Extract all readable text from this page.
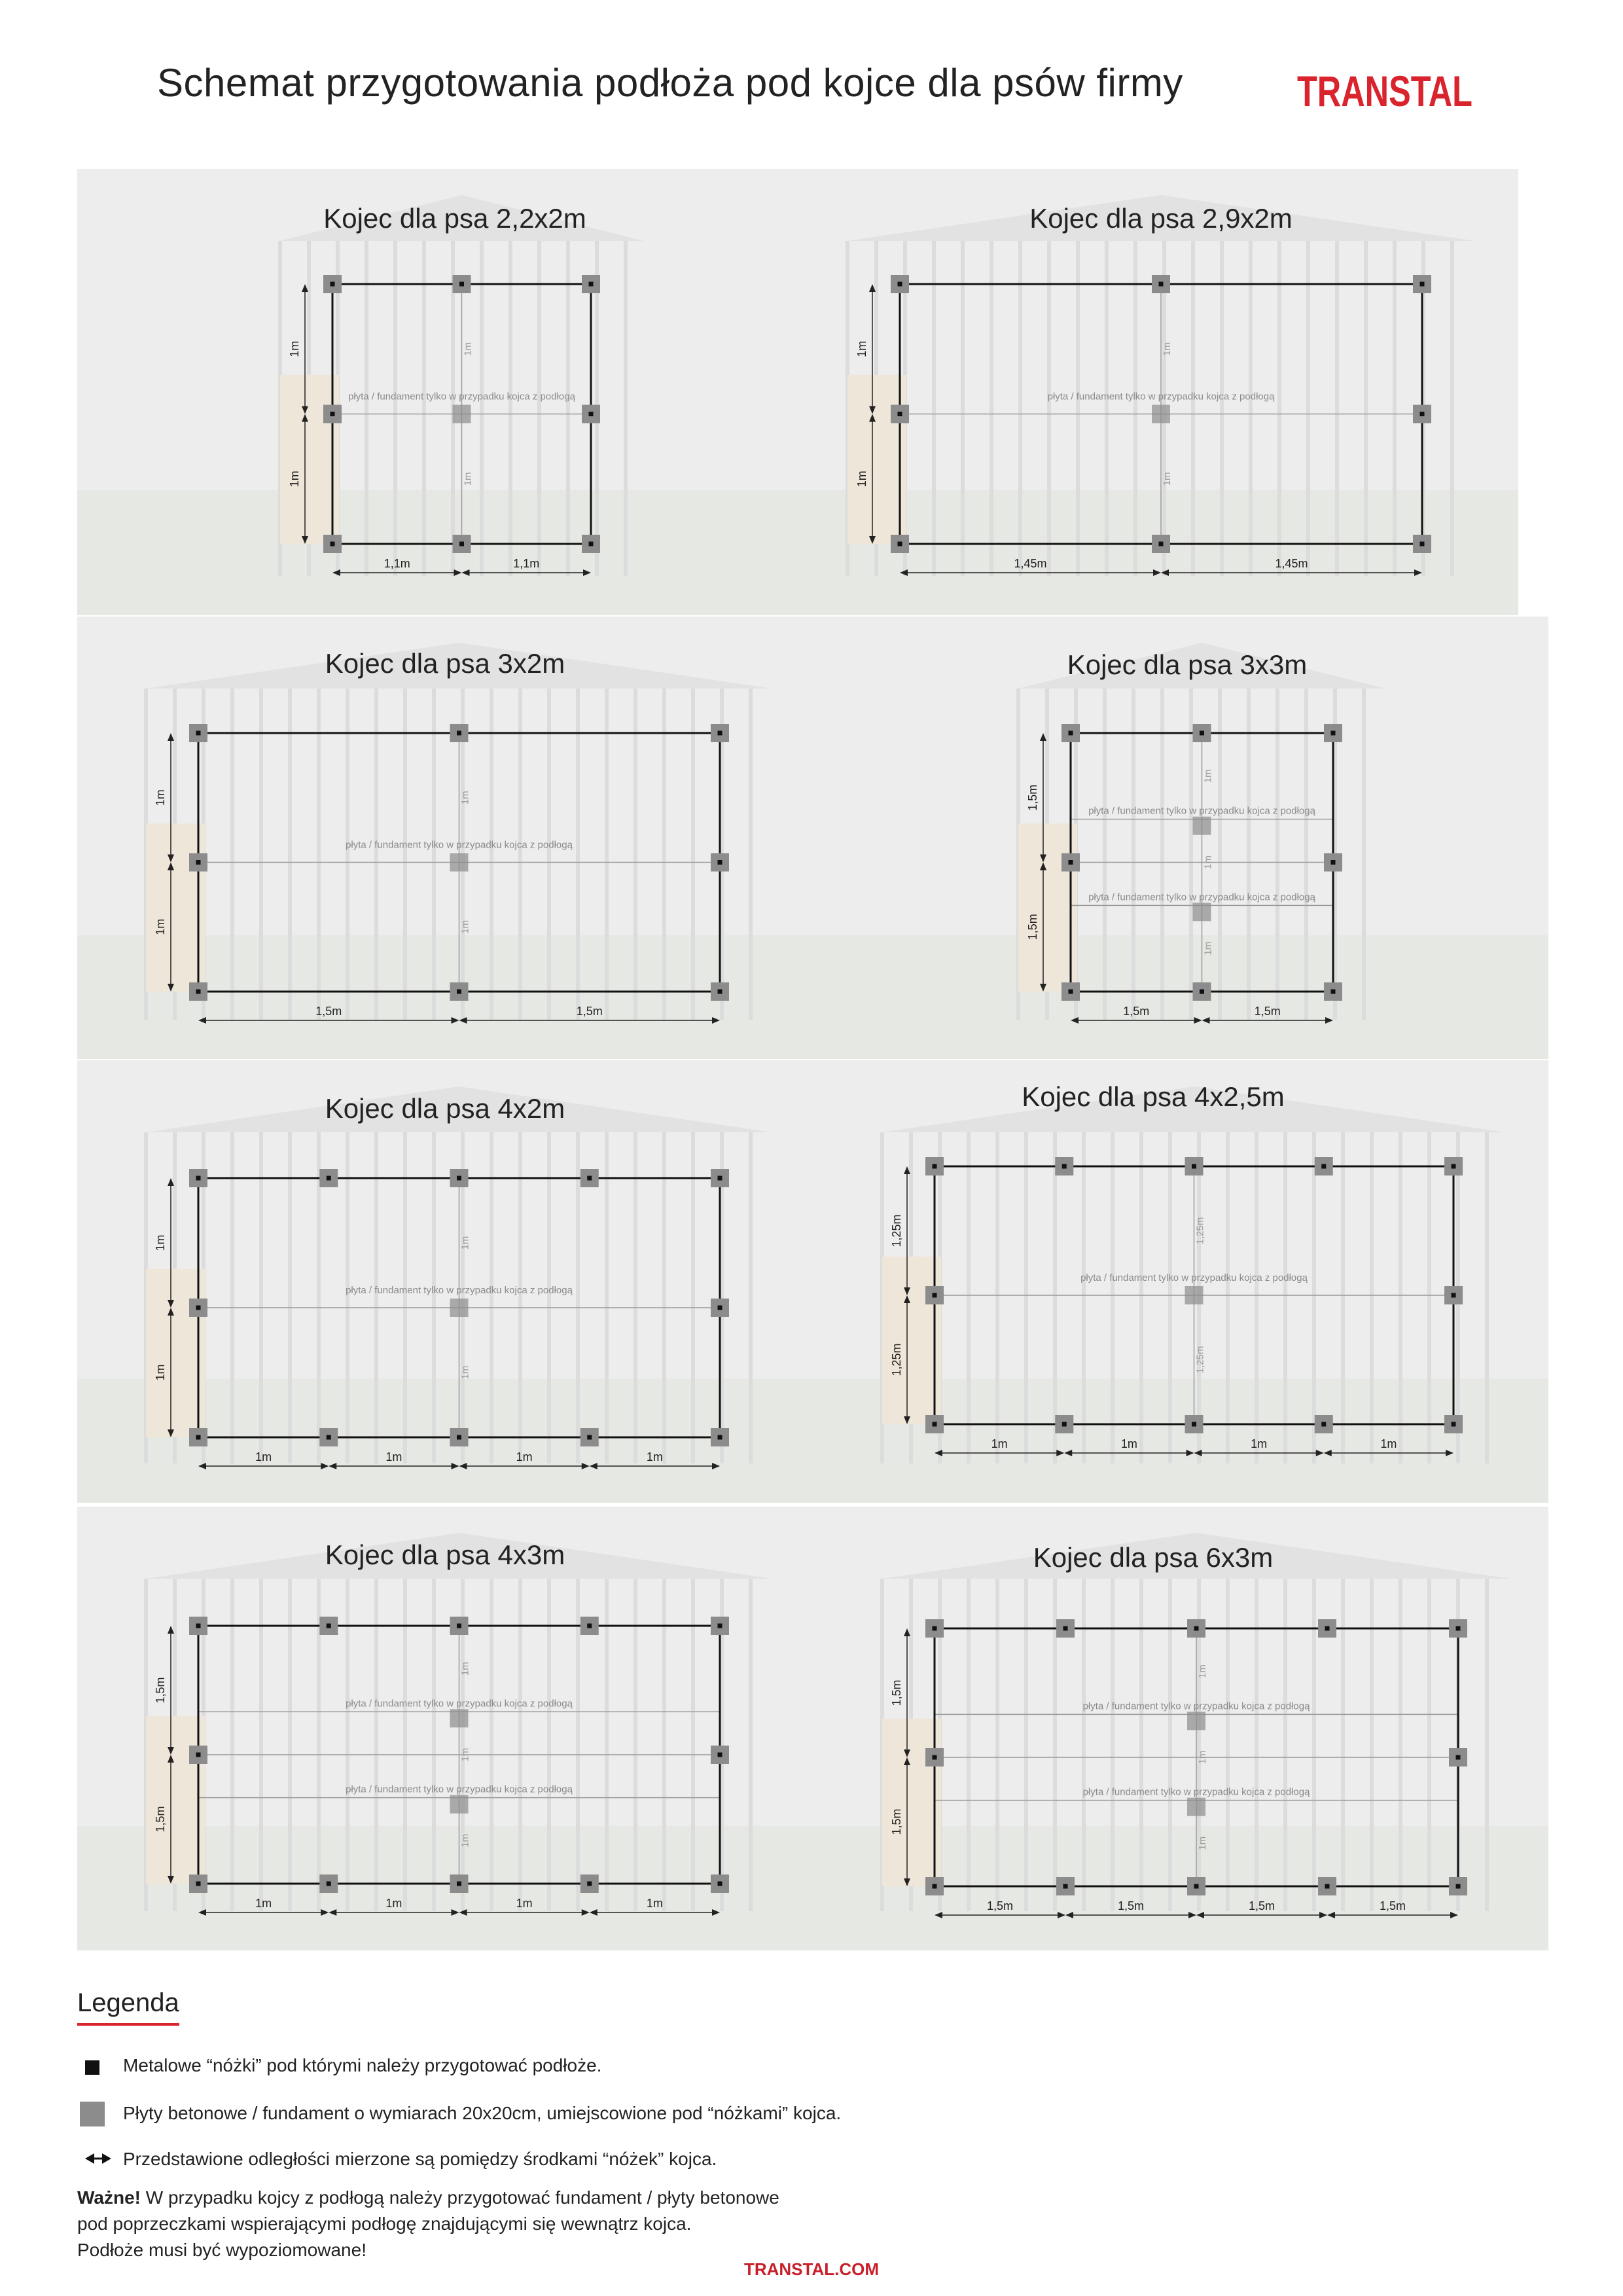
Schemat przygotowania podłoża pod kojce dla psów firmy	TRANSTAL
Kojec dla psa 2,2x2m
1m
1m
płyta / fundament tylko w przypadku kojca z podłogą
1,1m	1,1m
1m
1m
Kojec dla psa 2,9x2m
1m
1m
płyta / fundament tylko w przypadku kojca z podłogą
1,45m	1,45m
1m
1m
Kojec dla psa 3x2m
1m
1m
płyta / fundament tylko w przypadku kojca z podłogą
1,5m	1,5m
1m
1m
Kojec dla psa 3x3m
1m
1m
1m
płyta / fundament tylko w przypadku kojca z podłogą
płyta / fundament tylko w przypadku kojca z podłogą
1,5m	1,5m
1,5m
1,5m
Kojec dla psa 4x2m
1m
1m
płyta / fundament tylko w przypadku kojca z podłogą
1m	1m	1m	1m
1m
1m
Kojec dla psa 4x2,5m
1,25m
1,25m
płyta / fundament tylko w przypadku kojca z podłogą
1m	1m	1m	1m
1,25m
1,25m
Kojec dla psa 4x3m
1m
1m
1m
płyta / fundament tylko w przypadku kojca z podłogą
płyta / fundament tylko w przypadku kojca z podłogą
1m	1m	1m	1m
1,5m
1,5m
Kojec dla psa 6x3m
1m
1m
1m
płyta / fundament tylko w przypadku kojca z podłogą
płyta / fundament tylko w przypadku kojca z podłogą
1,5m	1,5m	1,5m	1,5m
1,5m
1,5m
Legenda
Metalowe “nóżki” pod którymi należy przygotować podłoże.
Płyty betonowe / fundament o wymiarach 20x20cm, umiejscowione pod “nóżkami” kojca.
Przedstawione odległości mierzone są pomiędzy środkami “nóżek” kojca.
Ważne! W przypadku kojcy z podłogą należy przygotować fundament / płyty betonowe
pod poprzeczkami wspierającymi podłogę znajdującymi się wewnątrz kojca.
Podłoże musi być wypoziomowane!
TRANSTAL.COM
